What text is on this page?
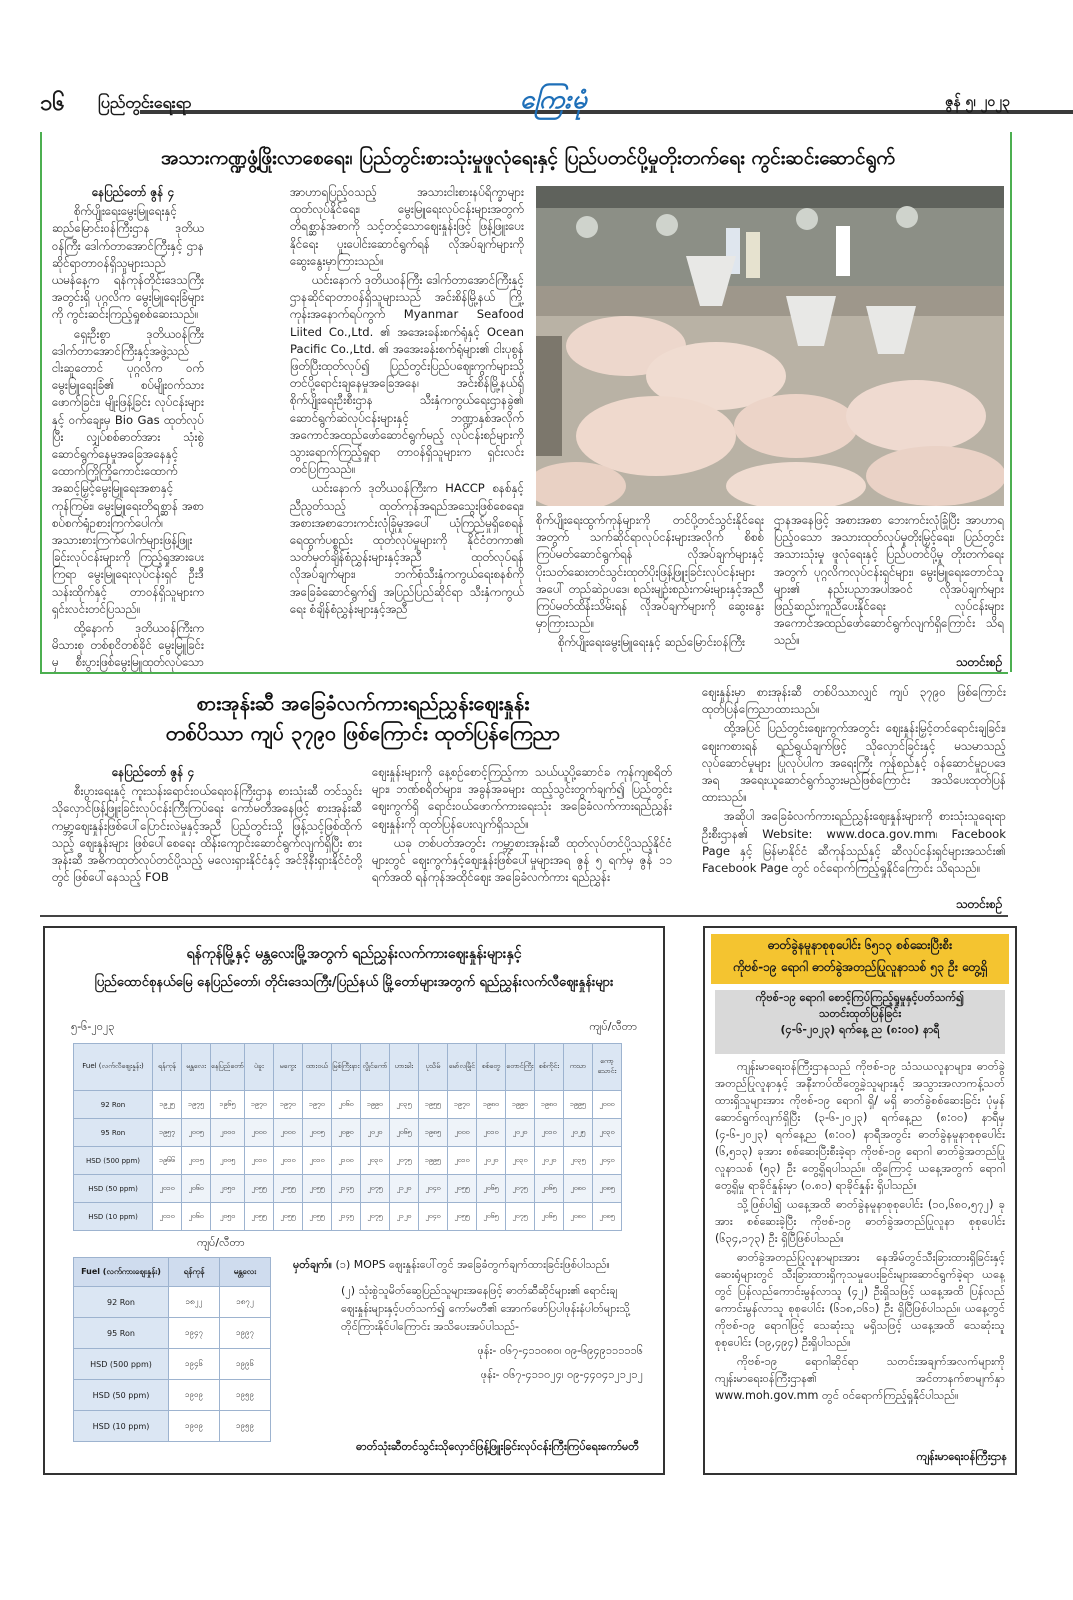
၁၆ ပြည်တွင်းရေးရာ	ကြေးမုံ	ဇွန် ၅၊ ၂၀၂၃
အသားကဏ္ဍဖွံ့ဖြိုးလာစေရေး၊ ပြည်တွင်းစားသုံးမှုဖူလုံရေးနှင့် ပြည်ပတင်ပို့မှုတိုးတက်ရေး ကွင်းဆင်းဆောင်ရွက်

နေပြည်တော် ဇွန် ၄

စိုက်ပျိုးရေးမွေးမြူရေးနှင့် ဆည်မြောင်းဝန်ကြီးဌာန ဒုတိယဝန်ကြီး ဒေါက်တာအောင်ကြီးနှင့် ဌာနဆိုင်ရာတာဝန်ရှိသူများသည် ယမန်နေ့က ရန်ကုန်တိုင်းဒေသကြီးအတွင်းရှိ ပုဂ္ဂလိက မွေးမြူရေးခြံများကို ကွင်းဆင်းကြည့်ရှုစစ်ဆေးသည်။

ရှေးဦးစွာ ဒုတိယဝန်ကြီး ဒေါက်တာအောင်ကြီးနှင့်အဖွဲ့သည် ငါးဆူတောင် ပုဂ္ဂလိက ဝက်မွေးမြူရေးခြံ၏ စပ်မျိုးဝက်သားဖောက်ခြင်း၊ မျိုးဖြန့်ခြင်း လုပ်ငန်းများနှင့် ဝက်ချေးမှ Bio Gas ထုတ်လုပ်ပြီး လျှပ်စစ်ဓာတ်အား သုံးစွဲဆောင်ရွက်နေမှုအခြေအနေနှင့် ထောက်ကြိုကြိုကောင်းထောက်အဆင့်မြှင့်မွေးမြူရေးအစာနှင့် ကုန်ကြမ်း၊ မွေးမြူရေးတိရစ္ဆာန် အစာစပ်စက်ရုံဥစားကြက်ပေါက်၊ အသားစားကြက်ပေါက်များဖြန့်ဖြူးခြင်းလုပ်ငန်းများကို ကြည့်ရှုအားပေးကြရာ မွေးမြူရေးလုပ်ငန်းရှင် ဦးဒီသန်းထိုက်နှင့် တာဝန်ရှိသူများက ရှင်းလင်းတင်ပြသည်။

ထို့နောက် ဒုတိယဝန်ကြီးက မိသားစု တစ်စုငိတစ်ခိုင် မွေးမြူခြင်းမှ စီးပွားဖြစ်မွေးမြူထုတ်လုပ်သော

အာဟာရပြည့်ဝသည့် အသားငါးစားနပ်ရိက္ခာများ ထုတ်လုပ်နိုင်ရေး၊ မွေးမြူရေးလုပ်ငန်းများအတွက် တိရစ္ဆာန်အစာကို သင့်တင့်သောဈေးနှုန်းဖြင့် ဖြန့်ဖြူးပေးနိုင်ရေး ပူးပေါင်းဆောင်ရွက်ရန် လိုအပ်ချက်များကို ဆွေးနွေးမှာကြားသည်။

ယင်းနောက် ဒုတိယဝန်ကြီး ဒေါက်တာအောင်ကြီးနှင့် ဌာနဆိုင်ရာတာဝန်ရှိသူများသည် အင်းစိန်မြို့နယ် ကြို့ကုန်းအနောက်ရပ်ကွက် Myanmar Seafood Liited Co.,Ltd. ၏ အအေးခန်းစက်ရုံနှင့် Ocean Pacific Co.,Ltd. ၏ အအေးခန်းစက်ရုံများ၏ ငါးပုစွန် ဖြတ်ပြီးထုတ်လုပ်၍ ပြည်တွင်းပြည်ပဈေးကွက်များသို့ တင်ပို့ရောင်းချနေမှုအခြေအနေ၊ အင်းစိန်မြို့နယ်ရှိ စိုက်ပျိုးရေးဦးစီးဌာန သီးနှံကကွယ်ရေးဌာနခွဲ၏ ဆောင်ရွက်ဆဲလုပ်ငန်းများနှင့် ဘဏ္ဍာနှစ်အလိုက် အကောင်အထည်ဖော်ဆောင်ရွက်မည့် လုပ်ငန်းစဉ်များကို သွားရောက်ကြည့်ရှုရာ တာဝန်ရှိသူများက ရှင်းလင်းတင်ပြကြသည်။

ယင်းနောက် ဒုတိယဝန်ကြီးက HACCP စနစ်နှင့် ညီညွတ်သည့် ထုတ်ကုန်အရည်အသွေးဖြစ်စေရေး၊ အစားအစာဘေးကင်းလုံခြုံမှုအပေါ် ယုံကြည်မှုရှိစေရန် ရေထွက်ပစ္စည်း ထုတ်လုပ်မှုများကို နိုင်ငံတကာ၏ သတ်မှတ်ချိန်စံညွှန်းများနှင့်အညီ ထုတ်လုပ်ရန် လိုအပ်ချက်များ၊ ဘက်စုံသီးနှံကကွယ်ရေးစနစ်ကို အခြေခံဆောင်ရွက်၍ အပြည်ပြည်ဆိုင်ရာ သီးနှံကကွယ်ရေး စံချိန်စံညွှန်းများနှင့်အညီ

စိုက်ပျိုးရေးထွက်ကုန်များကို တင်ပို့တင်သွင်းနိုင်ရေးအတွက် သက်ဆိုင်ရာလုပ်ငန်းများအလိုက် စိစစ်ကြပ်မတ်ဆောင်ရွက်ရန် လိုအပ်ချက်များနှင့် ပိုးသတ်ဆေးတင်သွင်းထုတ်ပိုးဖြန့်ဖြူးခြင်းလုပ်ငန်းများအပေါ် တည်ဆဲဥပဒေ၊ စည်းမျဉ်းစည်းကမ်းများနှင့်အညီ ကြပ်မတ်ထိန်းသိမ်းရန် လိုအပ်ချက်များကို ဆွေးနွေးမှာကြားသည်။

စိုက်ပျိုးရေးမွေးမြူရေးနှင့် ဆည်မြောင်းဝန်ကြီး

ဌာနအနေဖြင့် အစားအစာ ဘေးကင်းလုံခြုံပြီး အာဟာရပြည့်ဝသော အသားထုတ်လုပ်မှုတိုးမြှင့်ရေး၊ ပြည်တွင်းအသားသုံးမှု ဖူလုံရေးနှင့် ပြည်ပတင်ပို့မှု တိုးတက်ရေးအတွက် ပုဂ္ဂလိကလုပ်ငန်းရှင်များ၊ မွေးမြူရေးတောင်သူများ၏ နည်းပညာအပါအဝင် လိုအပ်ချက်များ ဖြည့်ဆည်းကူညီပေးနိုင်ရေး လုပ်ငန်းများ အကောင်အထည်ဖော်ဆောင်ရွက်လျက်ရှိကြောင်း သိရသည်။

သတင်းစဉ်
စားအုန်းဆီ အခြေခံလက်ကားရည်ညွှန်းဈေးနှုန်း
တစ်ပိဿာ ကျပ် ၃၇၉၀ ဖြစ်ကြောင်း ထုတ်ပြန်ကြေညာ

နေပြည်တော် ဇွန် ၄

စီးပွားရေးနှင့် ကူးသန်းရောင်းဝယ်ရေးဝန်ကြီးဌာန စားသုံးဆီ တင်သွင်းသိုလှောင်ဖြန့်ဖြူးခြင်းလုပ်ငန်းကြီးကြပ်ရေး ကော်မတီအနေဖြင့် စားအုန်းဆီ ကမ္ဘာ့ဈေးနှုန်းဖြစ်ပေါ်ပြောင်းလဲမှုနှင့်အညီ ပြည်တွင်းသို့ ဖြန့်သင့်ဖြစ်ထိုက်သည့် ဈေးနှုန်းများ ဖြစ်ပေါ်စေရေး ထိန်းကျောင်းဆောင်ရွက်လျက်ရှိပြီး စားအုန်းဆီ အဓိကထုတ်လုပ်တင်ပို့သည့် မလေးရှားနိုင်ငံနှင့် အင်ဒိုနီးရှားနိုင်ငံတို့တွင် ဖြစ်ပေါ်နေသည့် FOB

ဈေးနှုန်းများကို နေ့စဉ်စောင့်ကြည့်ကာ သယ်ယူပို့ဆောင်ခ ကုန်ကျစရိတ်များ၊ ဘဏ်စရိတ်များ၊ အခွန်အခများ ထည့်သွင်းတွက်ချက်၍ ပြည်တွင်းဈေးကွက်ရှိ ရောင်းဝယ်ဖောက်ကားရေးသုံး အခြေခံလက်ကားရည်ညွှန်းဈေးနှုန်းကို ထုတ်ပြန်ပေးလျက်ရှိသည်။

ယခု တစ်ပတ်အတွင်း ကမ္ဘာ့စားအုန်းဆီ ထုတ်လုပ်တင်ပို့သည့်နိုင်ငံများတွင် ဈေးကွက်နှင့်ဈေးနှုန်းဖြစ်ပေါ်မှုများအရ ဇွန် ၅ ရက်မှ ဇွန် ၁၁ ရက်အထိ ရန်ကုန်အထိုင်ဈေး အခြေခံလက်ကား ရည်ညွှန်း

ဈေးနှုန်းမှာ စားအုန်းဆီ တစ်ပိဿာလျှင် ကျပ် ၃၇၉၀ ဖြစ်ကြောင်း ထုတ်ပြန်ကြေညာထားသည်။

ထို့အပြင် ပြည်တွင်းဈေးကွက်အတွင်း ဈေးနှုန်းမြှင့်တင်ရောင်းချခြင်း၊ ဈေးကစားရန် ရည်ရွယ်ချက်ဖြင့် သိုလှောင်ခြင်းနှင့် မသမာသည့် လုပ်ဆောင်မှုများ ပြုလုပ်ပါက အရေးကြီး ကုန်စည်နှင့် ဝန်ဆောင်မှုဥပဒေအရ အရေးယူဆောင်ရွက်သွားမည်ဖြစ်ကြောင်း အသိပေးထုတ်ပြန်ထားသည်။

အဆိုပါ အခြေခံလက်ကားရည်ညွှန်းဈေးနှုန်းများကို စားသုံးသူရေးရာဦးစီးဌာန၏ Website: www.doca.gov.mm၊ Facebook Page နှင့် မြန်မာနိုင်ငံ ဆီကုန်သည်နှင့် ဆီလုပ်ငန်းရှင်များအသင်း၏ Facebook Page တွင် ဝင်ရောက်ကြည့်ရှုနိုင်ကြောင်း သိရသည်။

သတင်းစဉ်
ရန်ကုန်မြို့နှင့် မန္တလေးမြို့အတွက် ရည်ညွှန်းလက်ကားဈေးနှုန်းများနှင့်
ပြည်ထောင်စုနယ်မြေ နေပြည်တော်၊ တိုင်းဒေသကြီး/ပြည်နယ် မြို့တော်များအတွက် ရည်ညွှန်းလက်လီဈေးနှုန်းများ
၅-၆-၂၀၂၃	ကျပ်/လီတာ
Fuel (လက်လီဈေးနှုန်း)	ရန်ကုန်	မန္တလေး	နေပြည်တော်	ပဲခူး	မကွေး	ထားဝယ်	မြစ်ကြီးနား	လွိုင်ကော်	ဟားခါး	ပုသိမ်	မော်လမြိုင်	စစ်တွေ	တောင်ကြီး	စစ်ကိုင်း	ကသာ	ကော့သောင်း
92 Ron	၁၉၂၅	၁၉၇၅	၁၉၆၅	၁၉၇၀	၁၉၇၀	၁၉၇၀	၂၀၆၀	၁၉၉၀	၂၀၃၅	၁၉၅၅	၁၉၇၀	၁၉၈၀	၁၉၉၀	၁၉၈၀	၁၉၉၅	၂၀၀၀
95 Ron	၁၉၅၇	၂၀၀၅	၂၀၀၀	၂၀၀၀	၂၀၀၀	၂၀၀၅	၂၀၉၀	၂၀၂၀	၂၀၆၅	၁၉၈၅	၂၀၀၀	၂၀၁၀	၂၀၂၀	၂၀၁၀	၂၀၂၅	၂၀၃၀
HSD (500 ppm)	၁၉၆၆	၂၀၁၅	၂၀၀၅	၂၀၁၀	၂၀၁၀	၂၀၁၀	၂၁၀၀	၂၀၃၀	၂၀၇၅	၁၉၉၅	၂၀၁၀	၂၀၂၀	၂၀၃၀	၂၀၂၀	၂၀၃၅	၂၀၄၀
HSD (50 ppm)	၂၀၁၀	၂၀၆၀	၂၀၅၀	၂၀၅၅	၂၀၅၅	၂၀၅၅	၂၁၄၅	၂၀၇၅	၂၁၂၀	၂၀၄၀	၂၀၅၅	၂၀၆၅	၂၀၇၅	၂၀၆၅	၂၀၈၀	၂၀၈၅
HSD (10 ppm)	၂၀၁၀	၂၀၆၀	၂၀၅၀	၂၀၅၅	၂၀၅၅	၂၀၅၅	၂၁၄၅	၂၀၇၅	၂၁၂၀	၂၀၄၀	၂၀၅၅	၂၀၆၅	၂၀၇၅	၂၀၆၅	၂၀၈၀	၂၀၈၅
ကျပ်/လီတာ
Fuel (လက်ကားဈေးနှုန်း)	ရန်ကုန်	မန္တလေး
92 Ron	၁၈၂၂	၁၈၇၂
95 Ron	၁၉၄၇	၁၉၉၇
HSD (500 ppm)	၁၉၄၆	၁၉၉၆
HSD (50 ppm)	၁၉၀၉	၁၉၅၉
HSD (10 ppm)	၁၉၀၉	၁၉၅၉
မှတ်ချက်။ (၁) MOPS ဈေးနှုန်းပေါ်တွင် အခြေခံတွက်ချက်ထားခြင်းဖြစ်ပါသည်။
(၂) သုံးစွဲသူမိတ်ဆွေပြည်သူများအနေဖြင့် ဓာတ်ဆီဆိုင်များ၏ ရောင်းချဈေးနှုန်းများနှင့်ပတ်သက်၍ ကော်မတီ၏ အောက်ဖော်ပြပါဖုန်းနံပါတ်များသို့ တိုင်ကြားနိုင်ပါကြောင်း အသိပေးအပ်ပါသည်-
ဖုန်း- ၀၆၇-၄၁၁၀၈၀၊ ၀၉-၆၉၄၉၁၁၁၁၁၆
ဖုန်း- ၀၆၇-၄၁၁၀၂၄၊ ၀၉-၄၄၀၄၁၂၁၂၁၂
ဓာတ်သုံးဆီတင်သွင်းသိုလှောင်ဖြန့်ဖြူးခြင်းလုပ်ငန်းကြီးကြပ်ရေးကော်မတီ
ဓာတ်ခွဲနမူနာစုစုပေါင်း ၆၅၁၃ စစ်ဆေးပြီးစီး
ကိုဗစ်-၁၉ ရောဂါ ဓာတ်ခွဲအတည်ပြုလူနာသစ် ၅၃ ဦး တွေ့ရှိ
ကိုဗစ်-၁၉ ရောဂါ စောင့်ကြပ်ကြည့်ရှုမှုနှင့်ပတ်သက်၍
သတင်းထုတ်ပြန်ခြင်း
(၄-၆-၂၀၂၃) ရက်နေ့ ည (၈:၀၀) နာရီ

ကျန်းမာရေးဝန်ကြီးဌာနသည် ကိုဗစ်-၁၉ သံသယလူနာများ၊ ဓာတ်ခွဲအတည်ပြုလူနာနှင့် အနီးကပ်ထိတွေ့ခဲ့သူများနှင့် အသွားအလာကန့်သတ်ထားရှိသူများအား ကိုဗစ်-၁၉ ရောဂါ ရှိ/ မရှိ ဓာတ်ခွဲစစ်ဆေးခြင်း ပုံမှန်ဆောင်ရွက်လျက်ရှိပြီး (၃-၆-၂၀၂၃) ရက်နေ့ည (၈:၀၀) နာရီမှ (၄-၆-၂၀၂၃) ရက်နေ့ည (၈:၀၀) နာရီအတွင်း ဓာတ်ခွဲနမူနာစုစုပေါင်း (၆,၅၁၃) ခုအား စစ်ဆေးပြီးစီးခဲ့ရာ ကိုဗစ်-၁၉ ရောဂါ ဓာတ်ခွဲအတည်ပြုလူနာသစ် (၅၃) ဦး တွေ့ရှိရပါသည်။ ထို့ကြောင့် ယနေ့အတွက် ရောဂါတွေ့ရှိမှု ရာခိုင်နှုန်းမှာ (၀.၈၁) ရာခိုင်နှုန်း ရှိပါသည်။

သို့ဖြစ်ပါ၍ ယနေ့အထိ ဓာတ်ခွဲနမူနာစုစုပေါင်း (၁၀,၆၈၀,၅၇၂) ခုအား စစ်ဆေးခဲ့ပြီး ကိုဗစ်-၁၉ ဓာတ်ခွဲအတည်ပြုလူနာ စုစုပေါင်း (၆၃၄,၁၇၃) ဦး ရှိပြီဖြစ်ပါသည်။

ဓာတ်ခွဲအတည်ပြုလူနာများအား နေအိမ်တွင်သီးခြားထားရှိခြင်းနှင့် ဆေးရုံများတွင် သီးခြားထားရှိကုသမှုပေးခြင်းများဆောင်ရွက်ခဲ့ရာ ယနေ့တွင် ပြန်လည်ကောင်းမွန်လာသူ (၄၂) ဦးရှိသဖြင့် ယနေ့အထိ ပြန်လည်ကောင်းမွန်လာသူ စုစုပေါင်း (၆၁၈,၁၆၁) ဦး ရှိပြီဖြစ်ပါသည်။ ယနေ့တွင် ကိုဗစ်-၁၉ ရောဂါဖြင့် သေဆုံးသူ မရှိသဖြင့် ယနေ့အထိ သေဆုံးသူစုစုပေါင်း (၁၉,၄၉၄) ဦးရှိပါသည်။

ကိုဗစ်-၁၉ ရောဂါဆိုင်ရာ သတင်းအချက်အလက်များကို ကျန်းမာရေးဝန်ကြီးဌာန၏ အင်တာနက်စာမျက်နှာ www.moh.gov.mm တွင် ဝင်ရောက်ကြည့်ရှုနိုင်ပါသည်။

ကျန်းမာရေးဝန်ကြီးဌာန
